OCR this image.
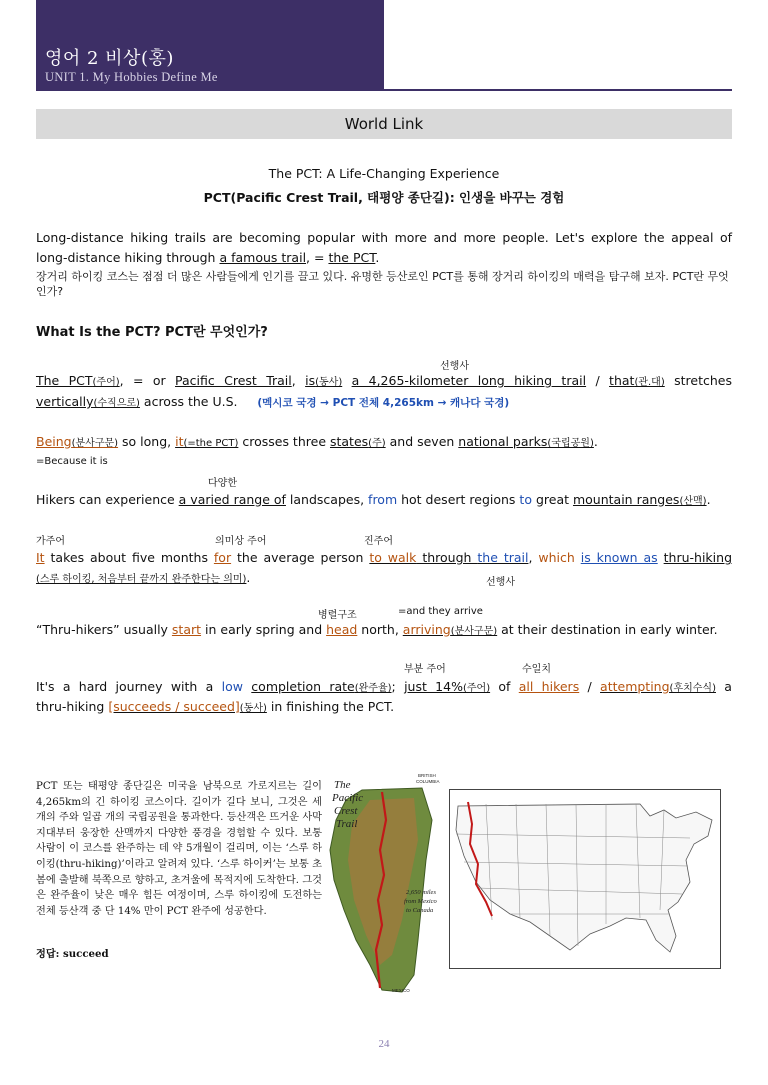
영어 2 비상(홍)
UNIT 1. My Hobbies Define Me
World Link
The PCT: A Life-Changing Experience
PCT(Pacific Crest Trail, 태평양 종단길): 인생을 바꾸는 경험
Long-distance hiking trails are becoming popular with more and more people. Let's explore the appeal of
long-distance hiking through a famous trail, = the PCT.
장거리 하이킹 코스는 점점 더 많은 사람들에게 인기를 끌고 있다. 유명한 등산로인 PCT를 통해 장거리 하이킹의 매력을 탐구해 보자. PCT란 무엇인가?
What Is the PCT? PCT란 무엇인가?
선행사
The PCT(주어), = or Pacific Crest Trail, is(동사) a 4,265-kilometer long hiking trail / that(관.대) stretches
vertically(수직으로) across the U.S. (멕시코 국경 → PCT 전체 4,265km → 캐나다 국경)
Being(분사구문) so long, it(=the PCT) crosses three states(주) and seven national parks(국립공원).
=Because it is
다양한
Hikers can experience a varied range of landscapes, from hot desert regions to great mountain ranges(산맥).
가주어	의미상 주어	진주어
It takes about five months for the average person to walk through the trail, which is known as thru-hiking
(스루 하이킹, 처음부터 끝까지 완주한다는 의미).	선행사
병렬구조	=and they arrive
“Thru-hikers” usually start in early spring and head north, arriving(분사구문) at their destination in early winter.
부분 주어	수일치
It's a hard journey with a low completion rate(완주율); just 14%(주어) of all hikers / attempting(후치수식) a
thru-hiking [succeeds / succeed](동사) in finishing the PCT.
PCT 또는 태평양 종단길은 미국을 남북으로 가로지르는 길이 4,265km의 긴 하이킹 코스이다. 길이가 길다 보니, 그것은 세 개의 주와 일곱 개의 국립공원을 통과한다. 등산객은 뜨거운 사막 지대부터 웅장한 산맥까지 다양한 풍경을 경험할 수 있다. 보통 사람이 이 코스를 완주하는 데 약 5개월이 걸리며, 이는 ‘스루 하이킹(thru-hiking)’이라고 알려져 있다. ‘스루 하이커’는 보통 초봄에 출발해 북쪽으로 향하고, 초겨울에 목적지에 도착한다. 그것은 완주율이 낮은 매우 힘든 여정이며, 스루 하이킹에 도전하는 전체 등산객 중 단 14% 만이 PCT 완주에 성공한다.
정답: succeed
The
Pacific
Crest
Trail
BRITISH
COLUMBIA
2,650 miles
from Mexico
to Canada
MEXICO
24
